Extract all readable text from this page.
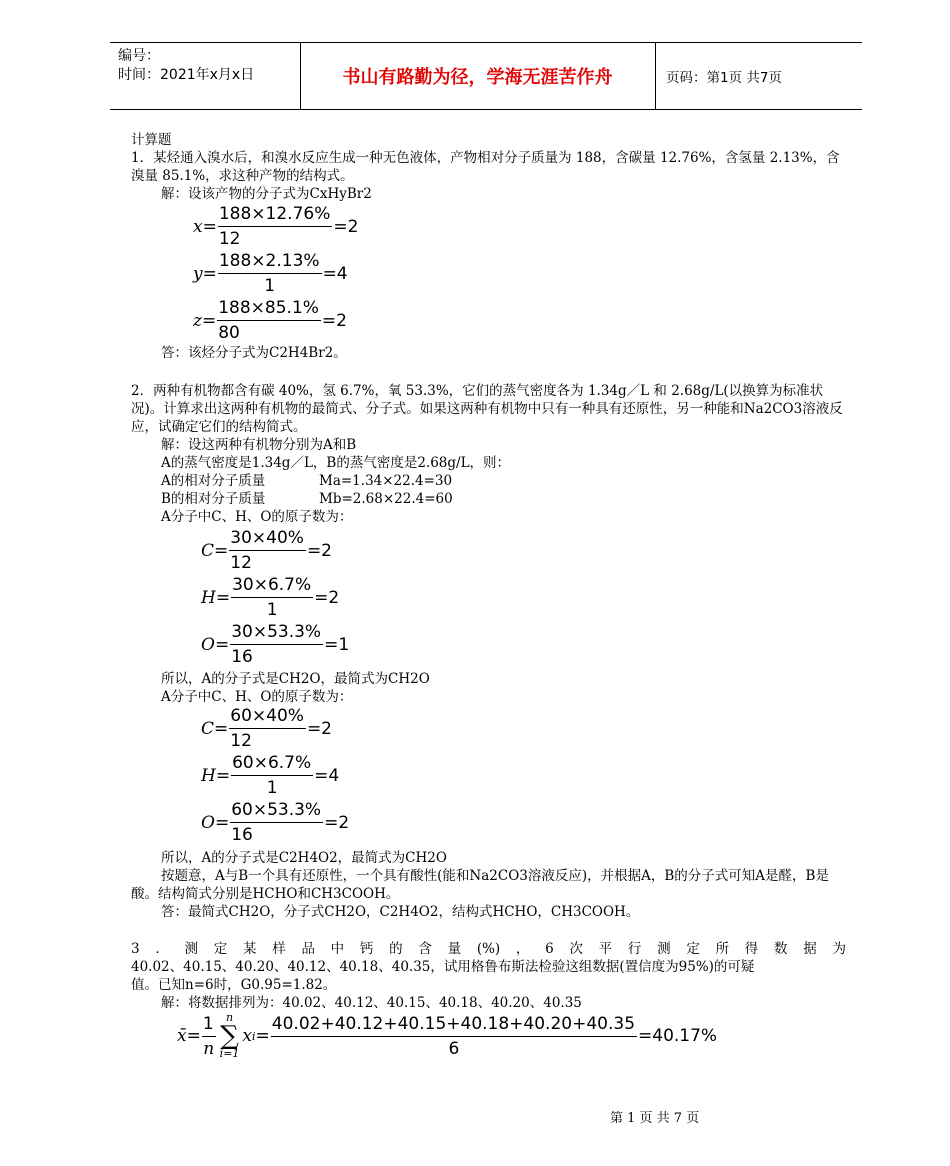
编号：
时间：2021年x月x日	书山有路勤为径，学海无涯苦作舟	页码：第1页 共7页
计算题
1．某烃通入溴水后，和溴水反应生成一种无色液体，产物相对分子质量为 188，含碳量 12.76%，含氢量 2.13%，含溴量 85.1%，求这种产物的结构式。
解：设该产物的分子式为CxHyBr2
$x = \frac{188\times 12.76\%}{12} =2$
$y = \frac{188\times 2.13\%}{1} =4$
$z = \frac{188\times 85.1\%}{80} =2$
答：该烃分子式为C2H4Br2。
2．两种有机物都含有碳 40%，氢 6.7%，氧 53.3%，它们的蒸气密度各为 1.34g／L 和 2.68g/L(以换算为标准状况)。计算求出这两种有机物的最简式、分子式。如果这两种有机物中只有一种具有还原性，另一种能和Na2CO3溶液反应，试确定它们的结构简式。
解：设这两种有机物分别为A和B
A的蒸气密度是1.34g／L，B的蒸气密度是2.68g/L，则：
A的相对分子质量	Ma=1.34×22.4=30
B的相对分子质量	Mb=2.68×22.4=60
A分子中C、H、O的原子数为：
$C = \frac{30\times 40\%}{12} =2$
$H = \frac{30\times 6.7\%}{1} =2$
$O = \frac{30\times 53.3\%}{16} =1$
所以，A的分子式是CH2O，最简式为CH2O
A分子中C、H、O的原子数为：
$C = \frac{60\times 40\%}{12} =2$
$H = \frac{60\times 6.7\%}{1} =4$
$O = \frac{60\times 53.3\%}{16} =2$
所以，A的分子式是C2H4O2，最简式为CH2O
按题意，A与B一个具有还原性，一个具有酸性(能和Na2CO3溶液反应)，并根据A，B的分子式可知A是醛，B是酸。结构简式分别是HCHO和CH3COOH。
答：最简式CH2O，分子式CH2O，C2H4O2，结构式HCHO，CH3COOH。
3．测定某样品中钙的含量(%)，6次平行测定所得数据为
40.02、40.15、40.20、40.12、40.18、40.35，试用格鲁布斯法检验这组数据(置信度为95%)的可疑
值。已知n=6时，G0.95=1.82。
解：将数据排列为：40.02、40.12、40.15、40.18、40.20、40.35
x̄= $\frac{1}{n}$ n
∑
i=1
x $i = \frac{40.02+40.12+40.15+40.18+40.20+40.35}{6} =40.17\%$
第 1 页 共 7 页
